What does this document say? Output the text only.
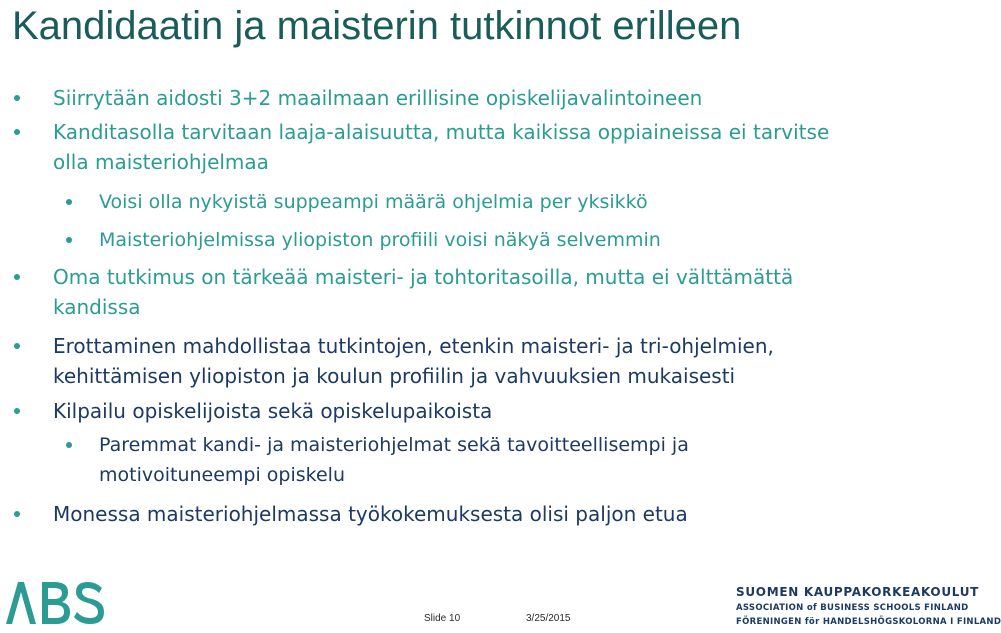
Kandidaatin ja maisterin tutkinnot erilleen
Siirrytään aidosti 3+2 maailmaan erillisine opiskelijavalintoineen
Kanditasolla tarvitaan laaja-alaisuutta, mutta kaikissa oppiaineissa ei tarvitse
olla maisteriohjelmaa
Voisi olla nykyistä suppeampi määrä ohjelmia per yksikkö
Maisteriohjelmissa yliopiston profiili voisi näkyä selvemmin
Oma tutkimus on tärkeää maisteri- ja tohtoritasoilla, mutta ei välttämättä
kandissa
Erottaminen mahdollistaa tutkintojen, etenkin maisteri- ja tri-ohjelmien,
kehittämisen yliopiston ja koulun profiilin ja vahvuuksien mukaisesti
Kilpailu opiskelijoista sekä opiskelupaikoista
Paremmat kandi- ja maisteriohjelmat sekä tavoitteellisempi ja
motivoituneempi opiskelu
Monessa maisteriohjelmassa työkokemuksesta olisi paljon etua
Slide 10	3/25/2015
SUOMEN KAUPPAKORKEAKOULUT
ASSOCIATION of BUSINESS SCHOOLS FINLAND
FÖRENINGEN för HANDELSHÖGSKOLORNA I FINLAND
